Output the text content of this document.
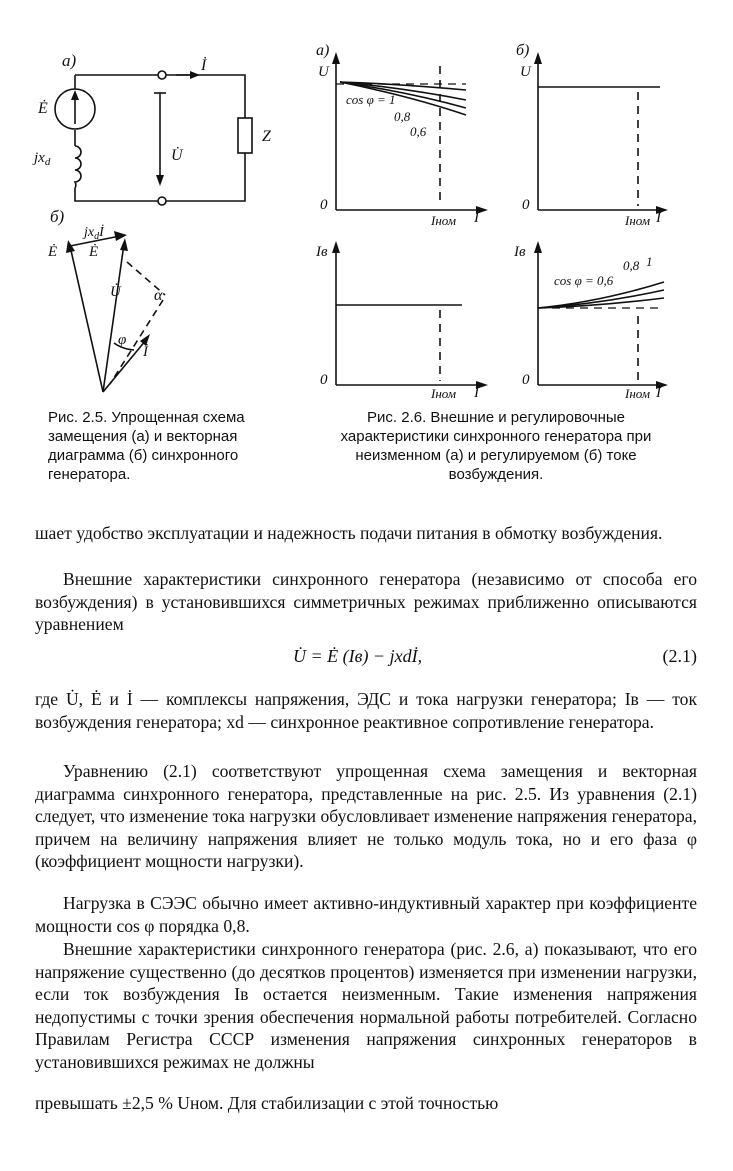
а)
Ė
$jx_d$
İ
U̇
Z
б)
Ė
Ė
$jx_dİ$
U̇
İ
φ
α
а)
U
0
I
Iном
cos φ = 1
0,8
0,6
б)
U
0
I
Iном
Iв
0
I
Iном
Iв
0
I
Iном
cos φ = 0,6
0,8 1
Рис. 2.5. Упрощенная схема замещения (а) и векторная диаграмма (б) синхронного генератора.
Рис. 2.6. Внешние и регулировочные характеристики синхронного генератора при неизменном (а) и регулируемом (б) токе возбуждения.

шает удобство эксплуатации и надежность подачи питания в обмотку возбуждения.

Внешние характеристики синхронного генератора (независимо от способа его возбуждения) в установившихся симметричных режимах приближенно описываются уравнением

U̇ = Ė (Iв) − jxdİ,	(2.1)

где U̇, Ė и İ — комплексы напряжения, ЭДС и тока нагрузки генератора; Iв — ток возбуждения генератора; xd — синхронное реактивное сопротивление генератора.

Уравнению (2.1) соответствуют упрощенная схема замещения и векторная диаграмма синхронного генератора, представленные на рис. 2.5. Из уравнения (2.1) следует, что изменение тока нагрузки обусловливает изменение напряжения генератора, причем на величину напряжения влияет не только модуль тока, но и его фаза φ (коэффициент мощности нагрузки).

Нагрузка в СЭЭС обычно имеет активно-индуктивный характер при коэффициенте мощности cos φ порядка 0,8.

Внешние характеристики синхронного генератора (рис. 2.6, а) показывают, что его напряжение существенно (до десятков процентов) изменяется при изменении нагрузки, если ток возбуждения Iв остается неизменным. Такие изменения напряжения недопустимы с точки зрения обеспечения нормальной работы потребителей. Согласно Правилам Регистра СССР изменения напряжения синхронных генераторов в установившихся режимах не должны

превышать ±2,5 % Uном. Для стабилизации с этой точностью
